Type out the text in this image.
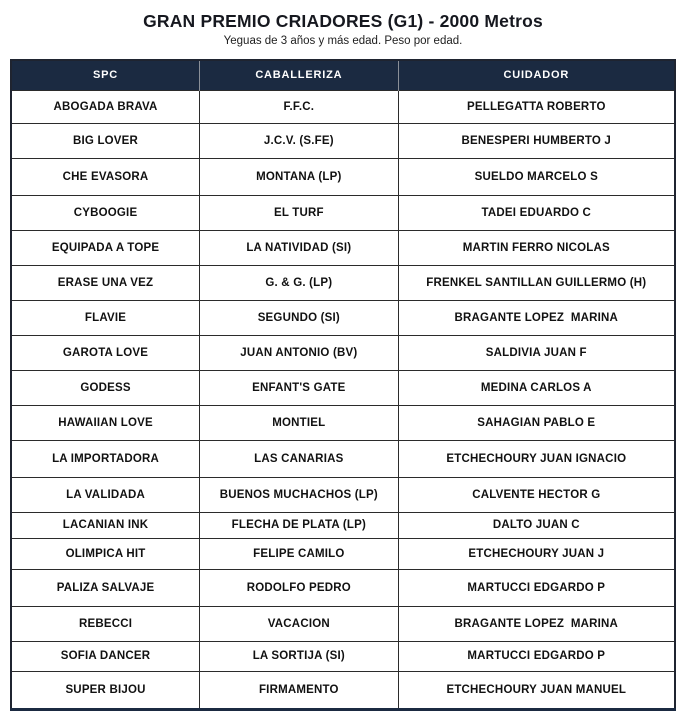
GRAN PREMIO CRIADORES (G1) - 2000 Metros
Yeguas de 3 años y más edad. Peso por edad.
SPC	CABALLERIZA	CUIDADOR
ABOGADA BRAVA	F.F.C.	PELLEGATTA ROBERTO
BIG LOVER	J.C.V. (S.FE)	BENESPERI HUMBERTO J
CHE EVASORA	MONTANA (LP)	SUELDO MARCELO S
CYBOOGIE	EL TURF	TADEI EDUARDO C
EQUIPADA A TOPE	LA NATIVIDAD (SI)	MARTIN FERRO NICOLAS
ERASE UNA VEZ	G. & G. (LP)	FRENKEL SANTILLAN GUILLERMO (H)
FLAVIE	SEGUNDO (SI)	BRAGANTE LOPEZ  MARINA
GAROTA LOVE	JUAN ANTONIO (BV)	SALDIVIA JUAN F
GODESS	ENFANT'S GATE	MEDINA CARLOS A
HAWAIIAN LOVE	MONTIEL	SAHAGIAN PABLO E
LA IMPORTADORA	LAS CANARIAS	ETCHECHOURY JUAN IGNACIO
LA VALIDADA	BUENOS MUCHACHOS (LP)	CALVENTE HECTOR G
LACANIAN INK	FLECHA DE PLATA (LP)	DALTO JUAN C
OLIMPICA HIT	FELIPE CAMILO	ETCHECHOURY JUAN J
PALIZA SALVAJE	RODOLFO PEDRO	MARTUCCI EDGARDO P
REBECCI	VACACION	BRAGANTE LOPEZ  MARINA
SOFIA DANCER	LA SORTIJA (SI)	MARTUCCI EDGARDO P
SUPER BIJOU	FIRMAMENTO	ETCHECHOURY JUAN MANUEL
